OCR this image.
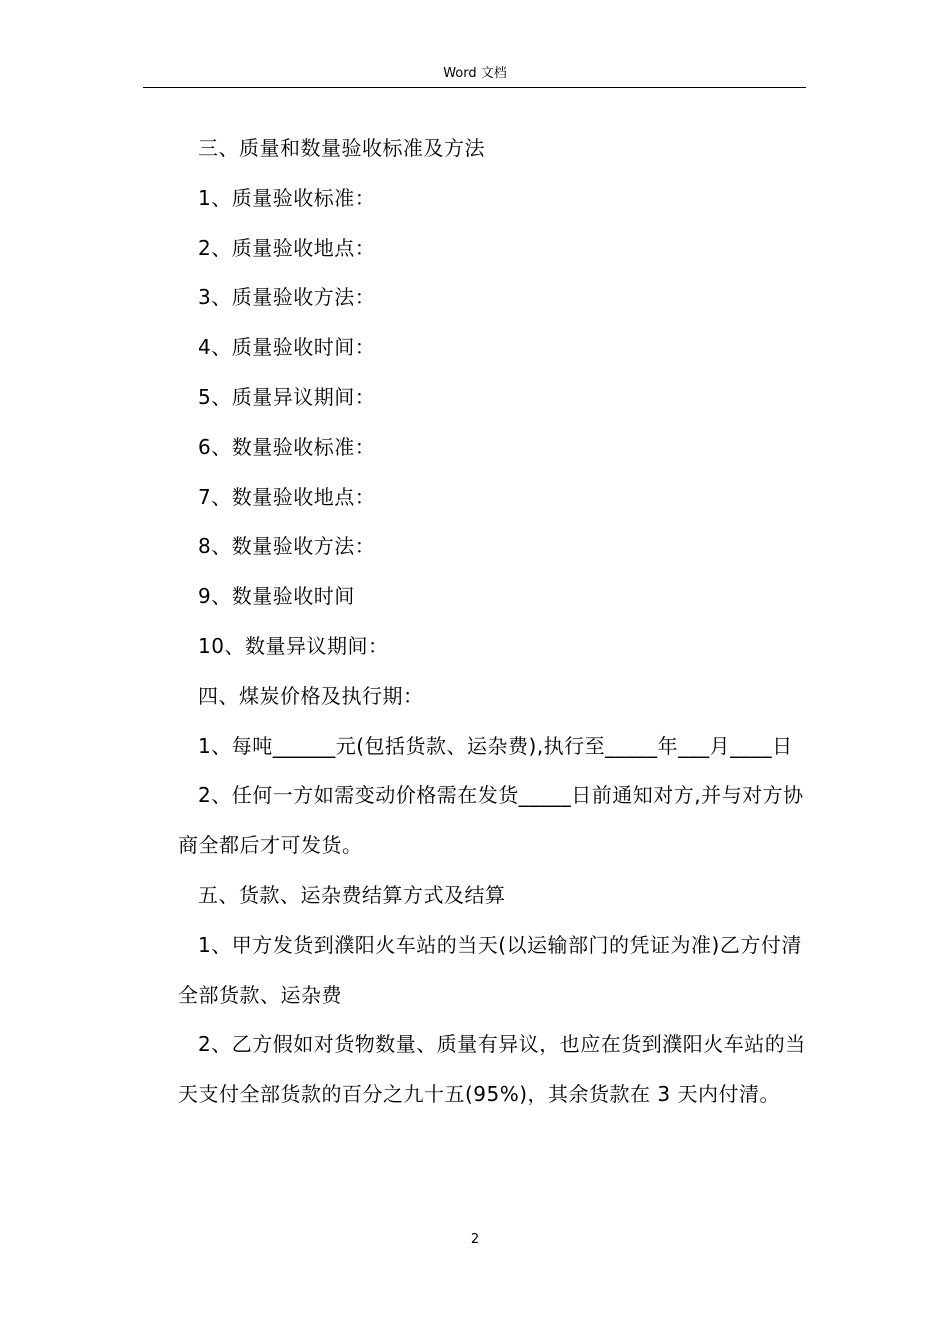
Word 文档

三、质量和数量验收标准及方法

1、质量验收标准：

2、质量验收地点：

3、质量验收方法：

4、质量验收时间：

5、质量异议期间：

6、数量验收标准：

7、数量验收地点：

8、数量验收方法：

9、数量验收时间

10、数量异议期间：

四、煤炭价格及执行期：

1、每吨______元(包括货款、运杂费),执行至_____年___月____日

2、任何一方如需变动价格需在发货_____日前通知对方,并与对方协商全都后才可发货。

五、货款、运杂费结算方式及结算

1、甲方发货到濮阳火车站的当天(以运输部门的凭证为准)乙方付清全部货款、运杂费

2、乙方假如对货物数量、质量有异议，也应在货到濮阳火车站的当天支付全部货款的百分之九十五(95%)，其余货款在 3 天内付清。

2
